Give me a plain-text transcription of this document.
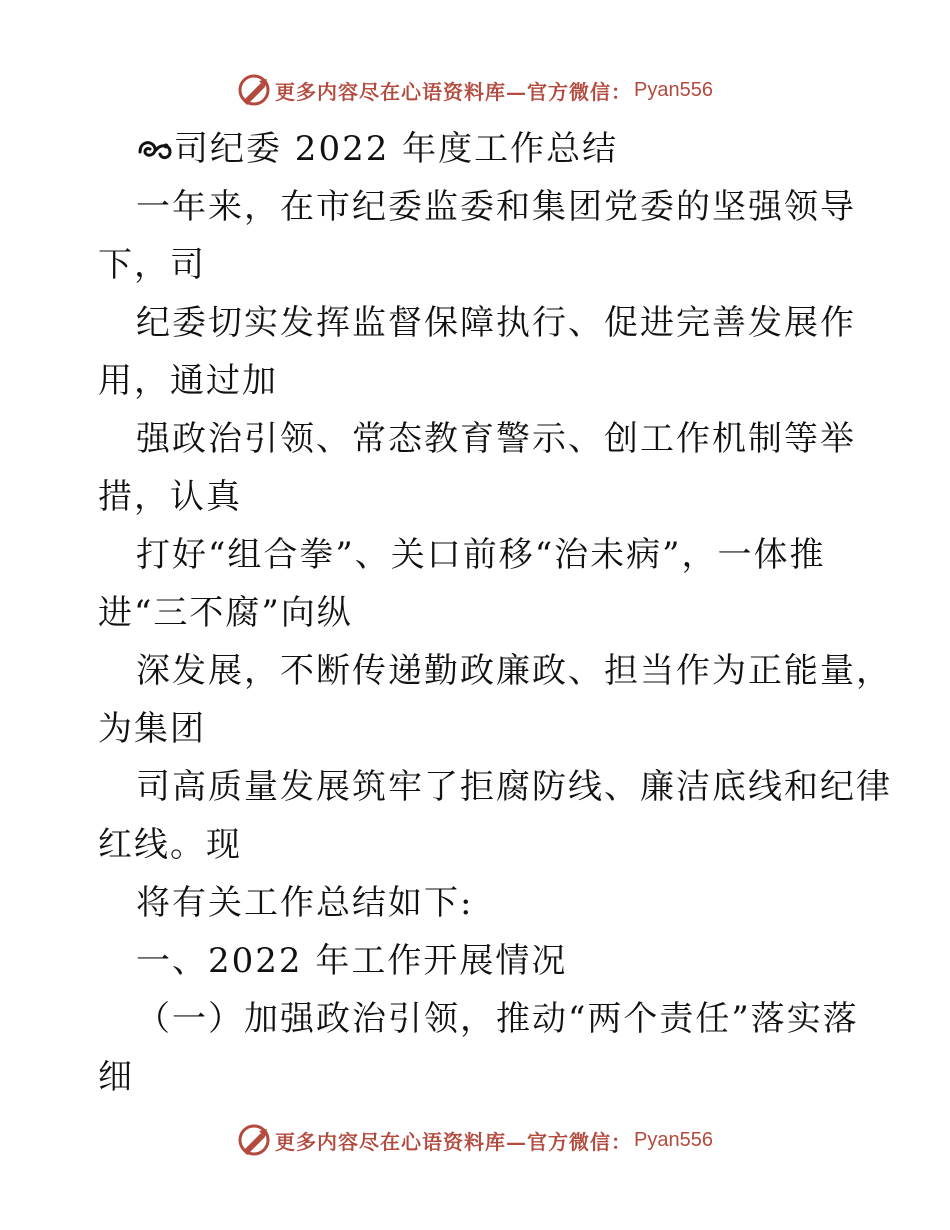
更多内容尽在心语资料库—官方微信： Pyan556
司纪委 2022 年度工作总结
一年来，在市纪委监委和集团党委的坚强领导
下，司
纪委切实发挥监督保障执行、促进完善发展作
用，通过加
强政治引领、常态教育警示、创工作机制等举
措，认真
打好“组合拳”、关口前移“治未病”，一体推
进“三不腐”向纵
深发展，不断传递勤政廉政、担当作为正能量，
为集团
司高质量发展筑牢了拒腐防线、廉洁底线和纪律
红线。现
将有关工作总结如下:
一、2022 年工作开展情况
（一）加强政治引领，推动“两个责任”落实落
细
更多内容尽在心语资料库—官方微信： Pyan556
